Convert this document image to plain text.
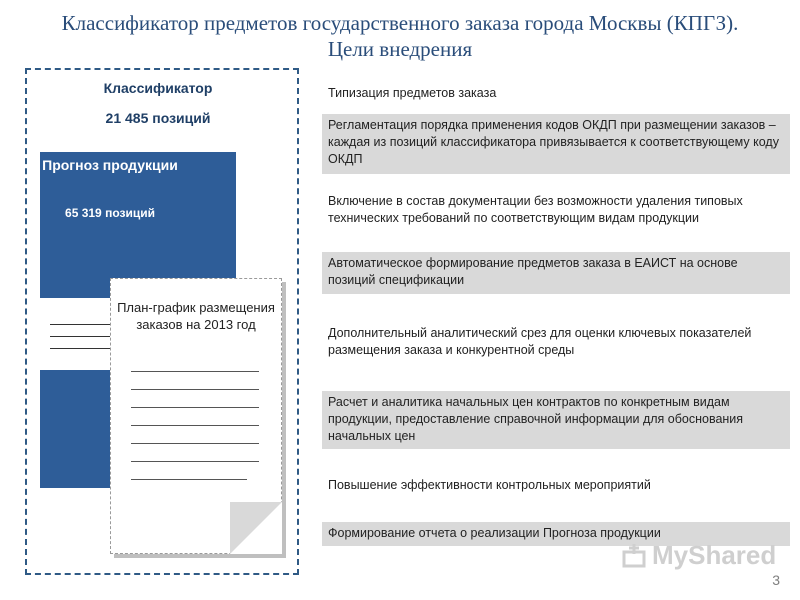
Классификатор предметов государственного заказа города Москвы (КПГЗ).
Цели внедрения
Классификатор
21 485 позиций
Прогноз продукции
65 319 позиций
План-график размещения заказов на 2013 год
Типизация предметов заказа
Регламентация порядка применения кодов ОКДП при размещении заказов – каждая из позиций классификатора привязывается к соответствующему коду ОКДП
Включение в состав документации без возможности удаления типовых технических требований по соответствующим видам продукции
Автоматическое формирование предметов заказа в ЕАИСТ на основе позиций спецификации
Дополнительный аналитический срез для оценки ключевых показателей размещения заказа и конкурентной среды
Расчет и аналитика начальных цен контрактов по конкретным видам продукции, предоставление справочной информации для обоснования начальных цен
Повышение эффективности контрольных мероприятий
Формирование отчета о реализации Прогноза продукции
MyShared
3
